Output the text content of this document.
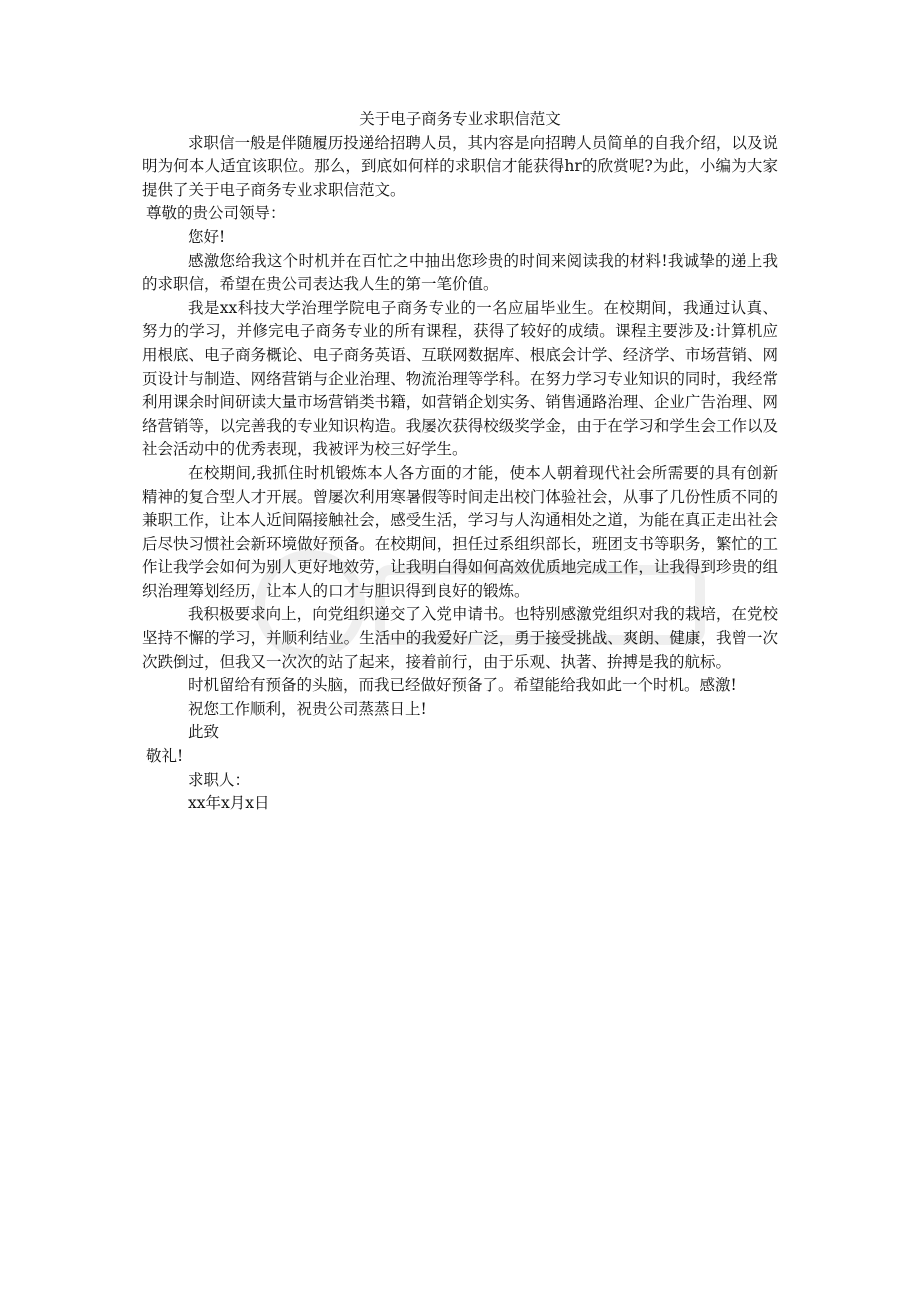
关于电子商务专业求职信范文

求职信一般是伴随履历投递给招聘人员，其内容是向招聘人员简单的自我介绍，以及说明为何本人适宜该职位。那么，到底如何样的求职信才能获得hr的欣赏呢?为此，小编为大家提供了关于电子商务专业求职信范文。

尊敬的贵公司领导：

您好!

感激您给我这个时机并在百忙之中抽出您珍贵的时间来阅读我的材料!我诚挚的递上我的求职信，希望在贵公司表达我人生的第一笔价值。

我是xx科技大学治理学院电子商务专业的一名应届毕业生。在校期间，我通过认真、努力的学习，并修完电子商务专业的所有课程，获得了较好的成绩。课程主要涉及:计算机应用根底、电子商务概论、电子商务英语、互联网数据库、根底会计学、经济学、市场营销、网页设计与制造、网络营销与企业治理、物流治理等学科。在努力学习专业知识的同时，我经常利用课余时间研读大量市场营销类书籍，如营销企划实务、销售通路治理、企业广告治理、网络营销等，以完善我的专业知识构造。我屡次获得校级奖学金，由于在学习和学生会工作以及社会活动中的优秀表现，我被评为校三好学生。

在校期间,我抓住时机锻炼本人各方面的才能，使本人朝着现代社会所需要的具有创新精神的复合型人才开展。曾屡次利用寒暑假等时间走出校门体验社会，从事了几份性质不同的兼职工作，让本人近间隔接触社会，感受生活，学习与人沟通相处之道，为能在真正走出社会后尽快习惯社会新环境做好预备。在校期间，担任过系组织部长，班团支书等职务，繁忙的工作让我学会如何为别人更好地效劳，让我明白得如何高效优质地完成工作，让我得到珍贵的组织治理筹划经历，让本人的口才与胆识得到良好的锻炼。

我积极要求向上，向党组织递交了入党申请书。也特别感激党组织对我的栽培，在党校坚持不懈的学习，并顺利结业。生活中的我爱好广泛，勇于接受挑战、爽朗、健康，我曾一次次跌倒过，但我又一次次的站了起来，接着前行，由于乐观、执著、拚搏是我的航标。

时机留给有预备的头脑，而我已经做好预备了。希望能给我如此一个时机。感激!

祝您工作顺利，祝贵公司蒸蒸日上!

此致

敬礼!

求职人：

xx年x月x日
